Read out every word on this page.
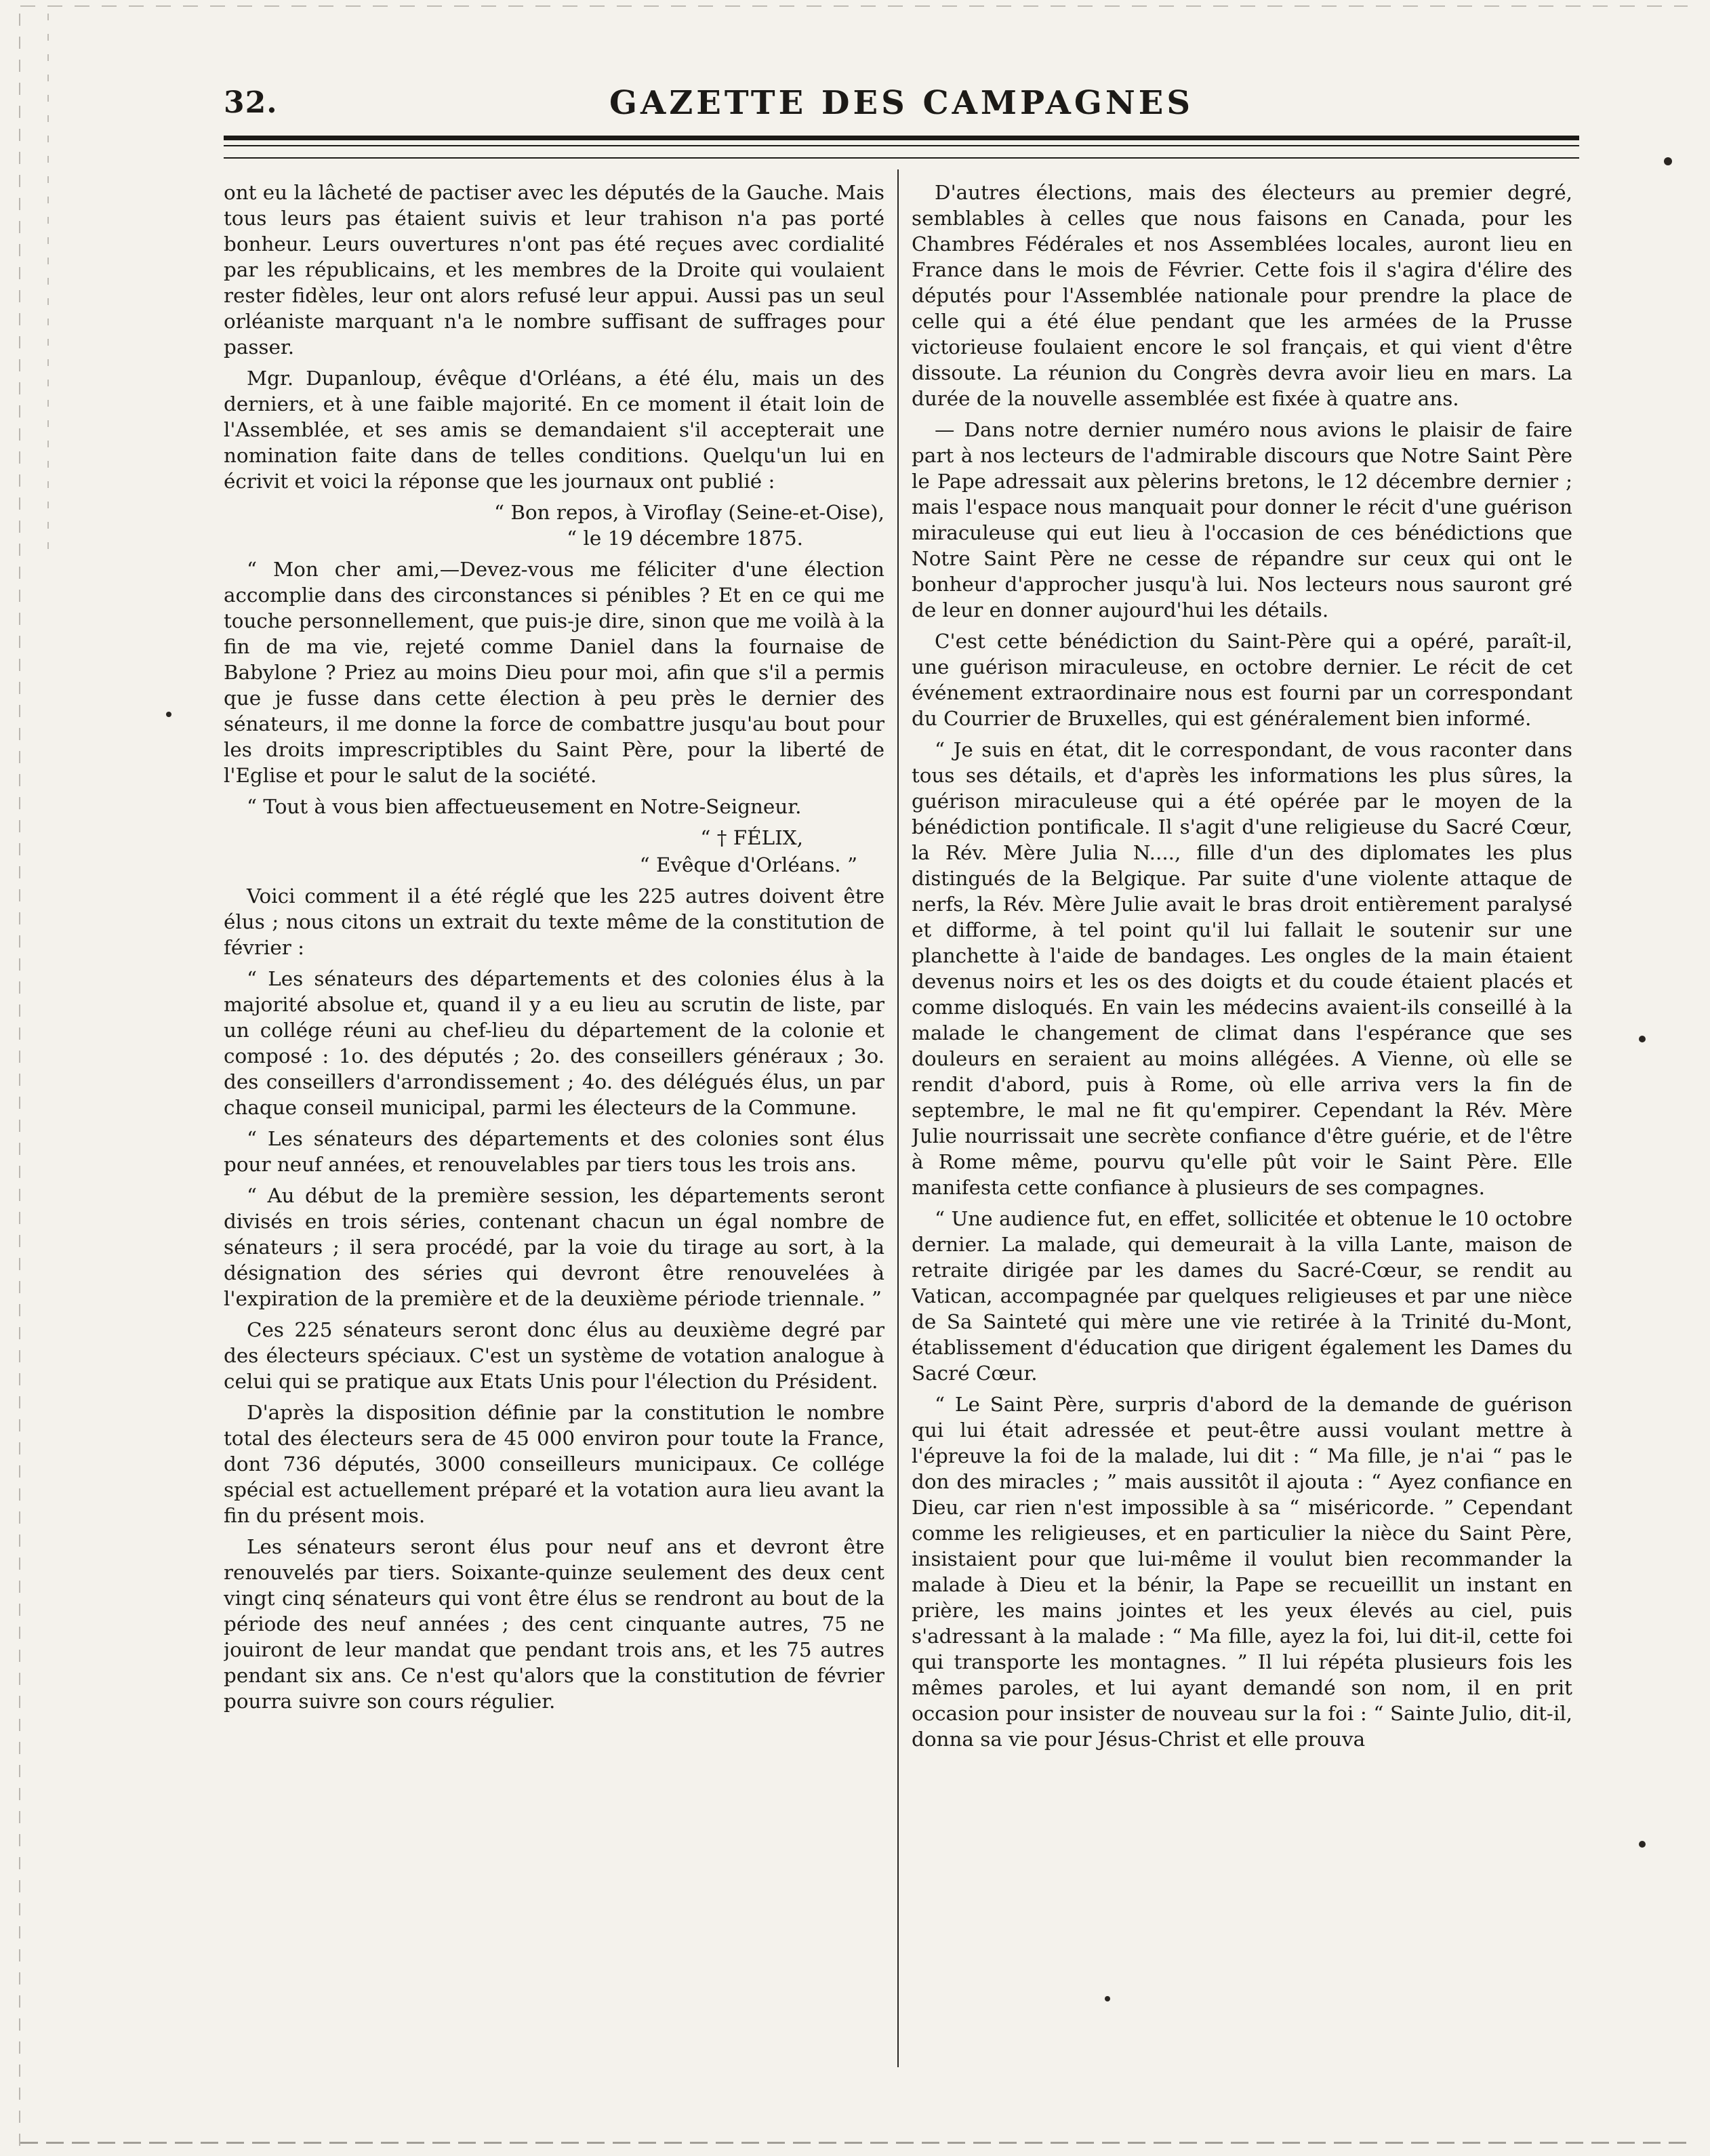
32.	GAZETTE DES CAMPAGNES

ont eu la lâcheté de pactiser avec les députés de la Gauche. Mais tous leurs pas étaient suivis et leur trahison n'a pas porté bonheur. Leurs ouvertures n'ont pas été reçues avec cordialité par les républicains, et les membres de la Droite qui voulaient rester fidèles, leur ont alors refusé leur appui. Aussi pas un seul orléaniste marquant n'a le nombre suffisant de suffrages pour passer.

Mgr. Dupanloup, évêque d'Orléans, a été élu, mais un des derniers, et à une faible majorité. En ce moment il était loin de l'Assemblée, et ses amis se demandaient s'il accepterait une nomination faite dans de telles conditions. Quelqu'un lui en écrivit et voici la réponse que les journaux ont publié :

“ Bon repos, à Viroflay (Seine-et-Oise),

“ le 19 décembre 1875.

“ Mon cher ami,—Devez-vous me féliciter d'une élection accomplie dans des circonstances si pénibles ? Et en ce qui me touche personnellement, que puis-je dire, sinon que me voilà à la fin de ma vie, rejeté comme Daniel dans la fournaise de Babylone ? Priez au moins Dieu pour moi, afin que s'il a permis que je fusse dans cette élection à peu près le dernier des sénateurs, il me donne la force de combattre jusqu'au bout pour les droits imprescriptibles du Saint Père, pour la liberté de l'Eglise et pour le salut de la société.

“ Tout à vous bien affectueusement en Notre-Seigneur.

“ † FÉLIX,

“ Evêque d'Orléans. ”

Voici comment il a été réglé que les 225 autres doivent être élus ; nous citons un extrait du texte même de la constitution de février :

“ Les sénateurs des départements et des colonies élus à la majorité absolue et, quand il y a eu lieu au scrutin de liste, par un collége réuni au chef-lieu du département de la colonie et composé : 1o. des députés ; 2o. des conseillers généraux ; 3o. des conseillers d'arrondissement ; 4o. des délégués élus, un par chaque conseil municipal, parmi les électeurs de la Commune.

“ Les sénateurs des départements et des colonies sont élus pour neuf années, et renouvelables par tiers tous les trois ans.

“ Au début de la première session, les départements seront divisés en trois séries, contenant chacun un égal nombre de sénateurs ; il sera procédé, par la voie du tirage au sort, à la désignation des séries qui devront être renouvelées à l'expiration de la première et de la deuxième période triennale. ”

Ces 225 sénateurs seront donc élus au deuxième degré par des électeurs spéciaux. C'est un système de votation analogue à celui qui se pratique aux Etats Unis pour l'élection du Président.

D'après la disposition définie par la constitution le nombre total des électeurs sera de 45 000 environ pour toute la France, dont 736 députés, 3000 conseilleurs municipaux. Ce collége spécial est actuellement préparé et la votation aura lieu avant la fin du présent mois.

Les sénateurs seront élus pour neuf ans et devront être renouvelés par tiers. Soixante-quinze seulement des deux cent vingt cinq sénateurs qui vont être élus se rendront au bout de la période des neuf années ; des cent cinquante autres, 75 ne jouiront de leur mandat que pendant trois ans, et les 75 autres pendant six ans. Ce n'est qu'alors que la constitution de février pourra suivre son cours régulier.

D'autres élections, mais des électeurs au premier degré, semblables à celles que nous faisons en Canada, pour les Chambres Fédérales et nos Assemblées locales, auront lieu en France dans le mois de Février. Cette fois il s'agira d'élire des députés pour l'Assemblée nationale pour prendre la place de celle qui a été élue pendant que les armées de la Prusse victorieuse foulaient encore le sol français, et qui vient d'être dissoute. La réunion du Congrès devra avoir lieu en mars. La durée de la nouvelle assemblée est fixée à quatre ans.

— Dans notre dernier numéro nous avions le plaisir de faire part à nos lecteurs de l'admirable discours que Notre Saint Père le Pape adressait aux pèlerins bretons, le 12 décembre dernier ; mais l'espace nous manquait pour donner le récit d'une guérison miraculeuse qui eut lieu à l'occasion de ces bénédictions que Notre Saint Père ne cesse de répandre sur ceux qui ont le bonheur d'approcher jusqu'à lui. Nos lecteurs nous sauront gré de leur en donner aujourd'hui les détails.

C'est cette bénédiction du Saint-Père qui a opéré, paraît-il, une guérison miraculeuse, en octobre dernier. Le récit de cet événement extraordinaire nous est fourni par un correspondant du Courrier de Bruxelles, qui est généralement bien informé.

“ Je suis en état, dit le correspondant, de vous raconter dans tous ses détails, et d'après les informations les plus sûres, la guérison miraculeuse qui a été opérée par le moyen de la bénédiction pontificale. Il s'agit d'une religieuse du Sacré Cœur, la Rév. Mère Julia N...., fille d'un des diplomates les plus distingués de la Belgique. Par suite d'une violente attaque de nerfs, la Rév. Mère Julie avait le bras droit entièrement paralysé et difforme, à tel point qu'il lui fallait le soutenir sur une planchette à l'aide de bandages. Les ongles de la main étaient devenus noirs et les os des doigts et du coude étaient placés et comme disloqués. En vain les médecins avaient-ils conseillé à la malade le changement de climat dans l'espérance que ses douleurs en seraient au moins allégées. A Vienne, où elle se rendit d'abord, puis à Rome, où elle arriva vers la fin de septembre, le mal ne fit qu'empirer. Cependant la Rév. Mère Julie nourrissait une secrète confiance d'être guérie, et de l'être à Rome même, pourvu qu'elle pût voir le Saint Père. Elle manifesta cette confiance à plusieurs de ses compagnes.

“ Une audience fut, en effet, sollicitée et obtenue le 10 octobre dernier. La malade, qui demeurait à la villa Lante, maison de retraite dirigée par les dames du Sacré-Cœur, se rendit au Vatican, accompagnée par quelques religieuses et par une nièce de Sa Sainteté qui mère une vie retirée à la Trinité du-Mont, établissement d'éducation que dirigent également les Dames du Sacré Cœur.

“ Le Saint Père, surpris d'abord de la demande de guérison qui lui était adressée et peut-être aussi voulant mettre à l'épreuve la foi de la malade, lui dit : “ Ma fille, je n'ai “ pas le don des miracles ; ” mais aussitôt il ajouta : “ Ayez confiance en Dieu, car rien n'est impossible à sa “ miséricorde. ” Cependant comme les religieuses, et en particulier la nièce du Saint Père, insistaient pour que lui-même il voulut bien recommander la malade à Dieu et la bénir, la Pape se recueillit un instant en prière, les mains jointes et les yeux élevés au ciel, puis s'adressant à la malade : “ Ma fille, ayez la foi, lui dit-il, cette foi qui transporte les montagnes. ” Il lui répéta plusieurs fois les mêmes paroles, et lui ayant demandé son nom, il en prit occasion pour insister de nouveau sur la foi : “ Sainte Julio, dit-il, donna sa vie pour Jésus-Christ et elle prouva
